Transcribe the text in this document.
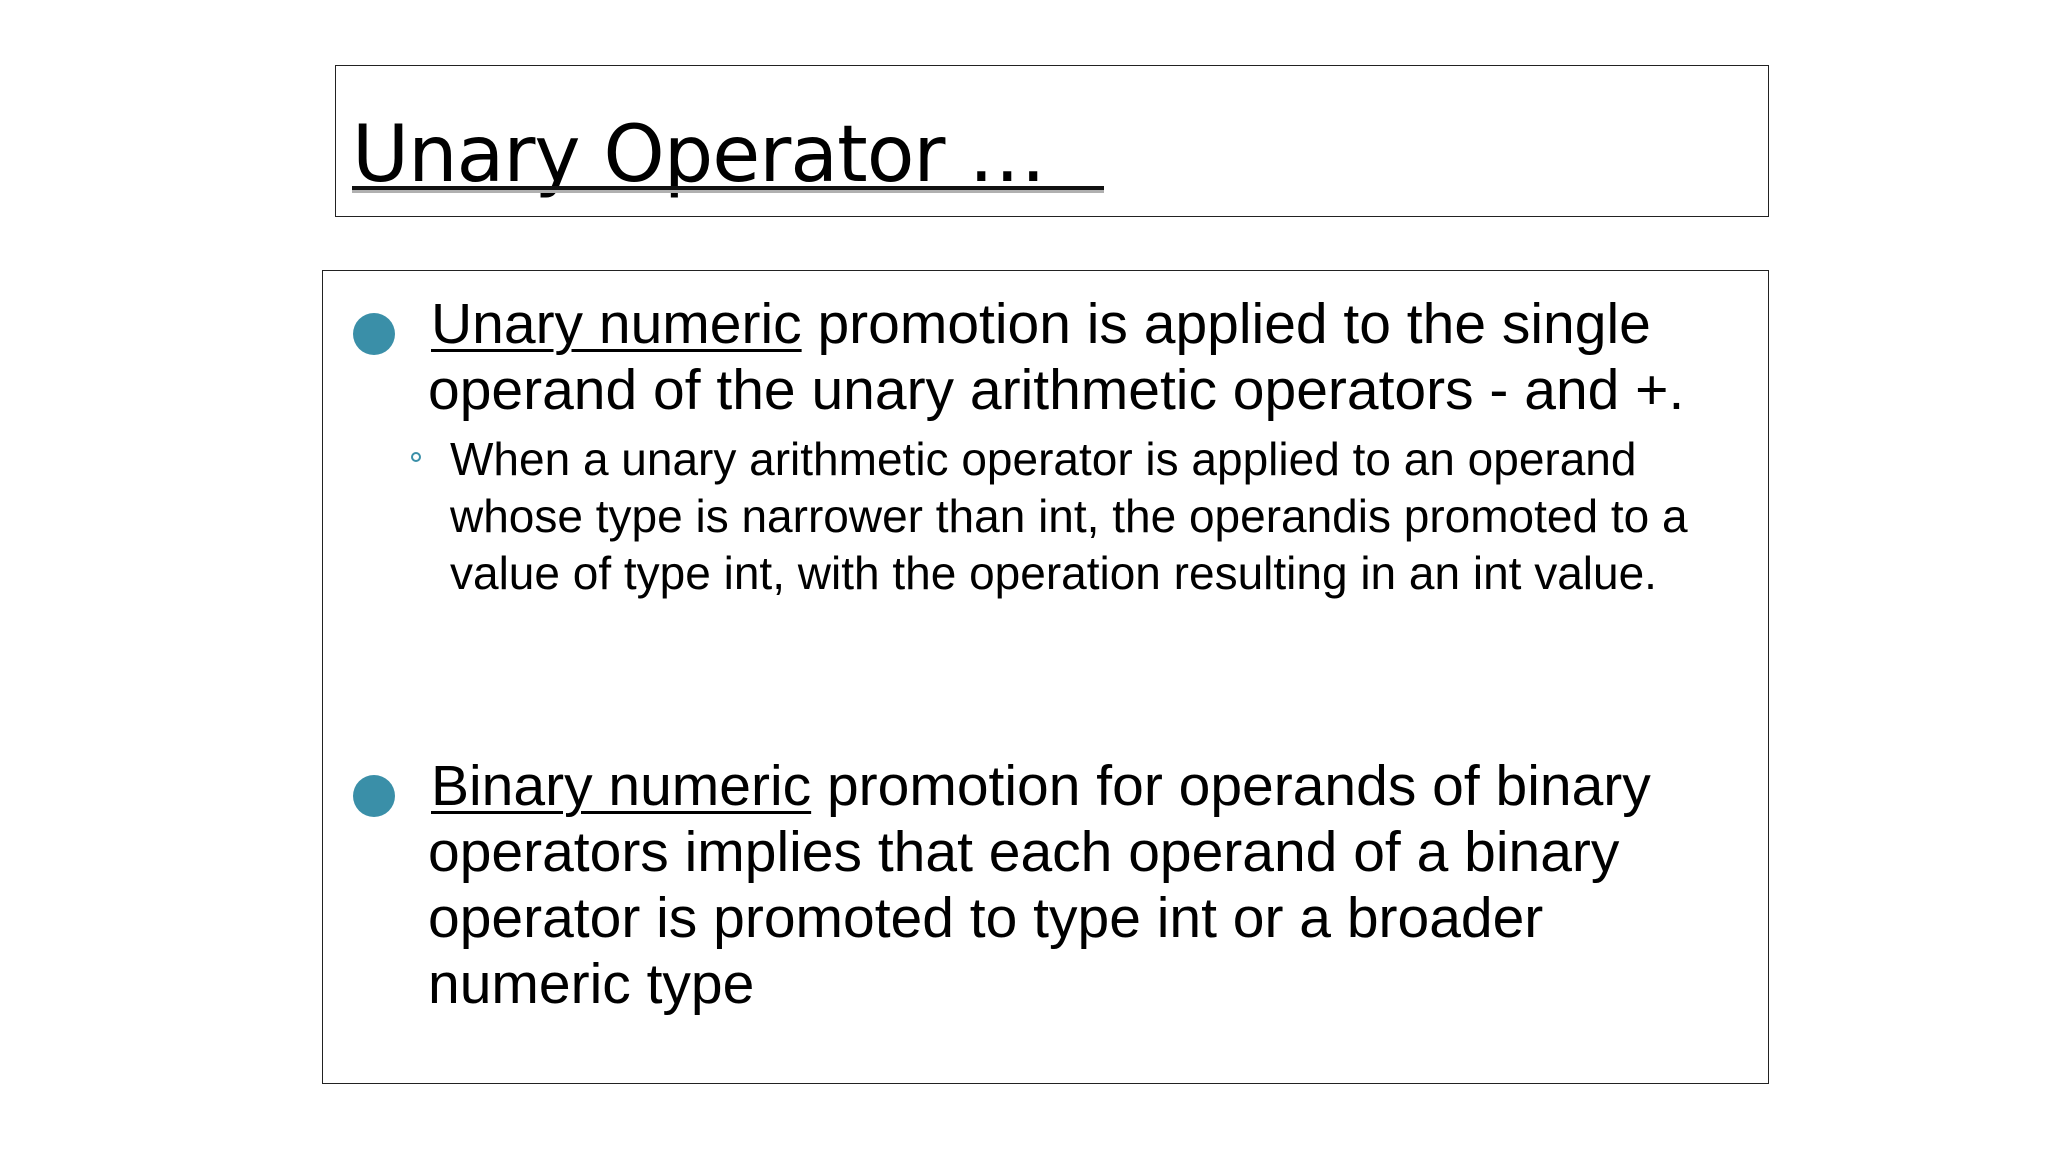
Unary Operator …
Unary numeric promotion is applied to the single operand of the unary arithmetic operators - and +.
When a unary arithmetic operator is applied to an operand whose type is narrower than int, the operandis promoted to a value of type int, with the operation resulting in an int value.
Binary numeric promotion for operands of binary operators implies that each operand of a binary operator is promoted to type int or a broader numeric type
